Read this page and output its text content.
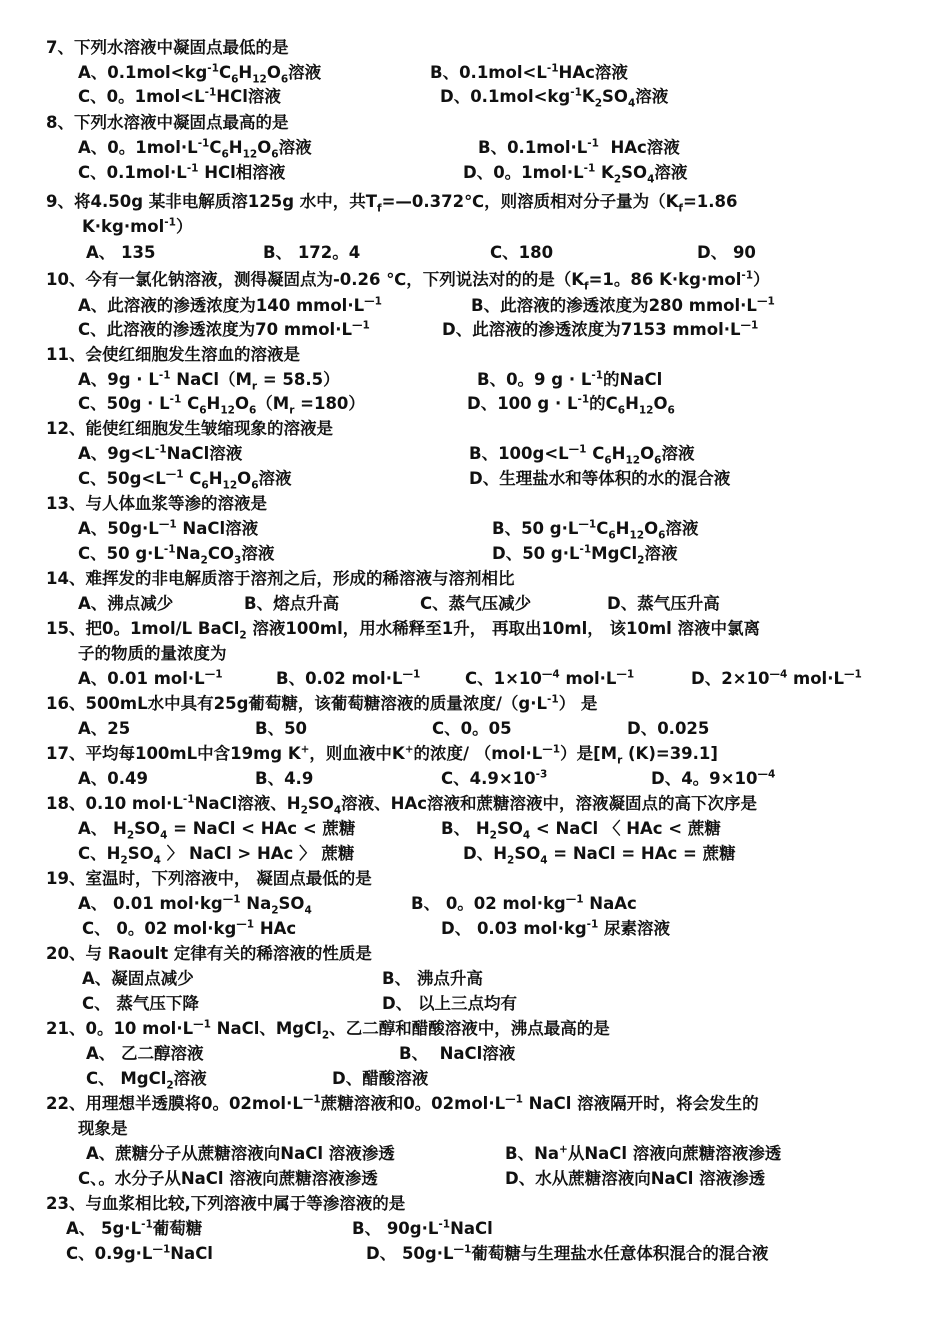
7、下列水溶液中凝固点最低的是
A、$0.1mol<kg^{-1}C_6H_{12}O_6$溶液	B、$0.1mol<L^{-1}HAc$溶液
C、0。$1mol<L^{-1}HCl$溶液	D、$0.1mol<kg^{-1}K_2SO_4$溶液
8、下列水溶液中凝固点最高的是
A、0。$1mol\cdot L^{-1}C_6H_{12}O_6$溶液	B、$0.1mol\cdot L^{-1}$  HAc溶液
C、$0.1mol\cdot L^{-1}$ HCl相溶液	D、0。$1mol\cdot L^{-1}$ $K_2SO_4$溶液
9、将4.50g 某非电解质溶125g 水中，共$T_f=—0.372℃$，则溶质相对分子量为（$K_f=1.86$
K·kg·mol$^{-1}$）
A、 135	B、 172。4	C、180	D、 90
10、今有一氯化钠溶液，测得凝固点为-0.26 ℃，下列说法对的的是（$K_f=1$。86 K·kg·mol$^{-1}$）
A、此溶液的渗透浓度为140 $mmol\cdot L^{—1}$	B、此溶液的渗透浓度为280 $mmol\cdot L^{—1}$
C、此溶液的渗透浓度为70 $mmol\cdot L^{—1}$	D、此溶液的渗透浓度为7153 $mmol\cdot L^{—1}$
11、会使红细胞发生溶血的溶液是
A、$9g \cdot L^{-1}$ $NaCl(M_r = 58.5)$	B、0。9 $g \cdot L^{-1}$的NaCl
C、$50g \cdot L^{-1}$ $C_6H_{12}O_6(M_r =180)$	D、100 $g \cdot L^{-1}$的$C_6H_{12}O_6$
12、能使红细胞发生皱缩现象的溶液是
A、$9g<L^{-1}NaCl$溶液	B、$100g<L^{—1}$ $C_6H_{12}O_6$溶液
C、$50g<L^{—1}$ $C_6H_{12}O_6$溶液	D、生理盐水和等体积的水的混合液
13、与人体血浆等渗的溶液是
A、$50g\cdot L^{—1}$ NaCl溶液	B、50 $g\cdot L^{—1}C_6H_{12}O_6$溶液
C、50 $g\cdot L^{-1}Na_2CO_3$溶液	D、50 $g\cdot L^{-1}MgCl_2$溶液
14、难挥发的非电解质溶于溶剂之后，形成的稀溶液与溶剂相比
A、沸点减少	B、熔点升高	C、蒸气压减少	D、蒸气压升高
15、把0。1mol/L BaCl$_2$ 溶液100ml，用水稀释至1升， 再取出10ml， 该10ml 溶液中氯离
子的物质的量浓度为
A、0.01 $mol\cdot L^{—1}$	B、0.02 $mol\cdot L^{—1}$	C、$1\times 10^{—4}$ $mol\cdot L^{—1}$	D、$2\times 10^{—4}$ $mol\cdot L^{—1}$
16、500mL水中具有25g葡萄糖，该葡萄糖溶液的质量浓度$/(g\cdot L^{-1})$ 是
A、25	B、50	C、0。05	D、0.025
17、平均每100mL中含19mg K+，则血液中K+的浓度/ $(mol\cdot L^{—1})$是[$M_r$ (K)=39.1]
A、0.49	B、4.9	C、$4.9\times 10^{-3}$	D、4。$9\times 10^{—4}$
18、0.10 $mol\cdot L^{-1}NaCl$溶液、$H_2SO_4$溶液、HAc溶液和蔗糖溶液中，溶液凝固点的高下次序是
A、 $H_2SO_4$ = NaCl < HAc < 蔗糖	B、 $H_2SO_4$ < NaCl 〈 HAc < 蔗糖
C、$H_2SO_4$ 〉 NaCl > HAc 〉 蔗糖	D、$H_2SO_4$ = NaCl = HAc = 蔗糖
19、室温时，下列溶液中， 凝固点最低的是
A、 0.01 $mol\cdot kg^{—1}$ $Na_2SO_4$	B、 0。02 $mol\cdot kg^{—1}$ NaAc
C、 0。02 $mol\cdot kg^{—1}$ HAc	D、 0.03 $mol\cdot kg^{-1}$ 尿素溶液
20、与 Raoult 定律有关的稀溶液的性质是
A、凝固点减少	B、 沸点升高
C、 蒸气压下降	D、 以上三点均有
21、0。10 $mol\cdot L^{—1}$ NaCl、MgCl$_2$、乙二醇和醋酸溶液中，沸点最高的是
A、 乙二醇溶液	B、  NaCl溶液
C、 MgCl$_2$溶液	D、醋酸溶液
22、用理想半透膜将0。$02mol\cdot L^{—1}$蔗糖溶液和0。$02mol\cdot L^{—1}$ NaCl 溶液隔开时，将会发生的
现象是
A、蔗糖分子从蔗糖溶液向NaCl 溶液渗透	B、Na+从NaCl 溶液向蔗糖溶液渗透
C、。水分子从NaCl 溶液向蔗糖溶液渗透	D、水从蔗糖溶液向NaCl 溶液渗透
23、与血浆相比较,下列溶液中属于等渗溶液的是
A、 $5g\cdot L^{-1}$葡萄糖	B、 $90g\cdot L^{-1}NaCl$
C、$0.9g\cdot L^{—1}NaCl$	D、 $50g\cdot L^{—1}$葡萄糖与生理盐水任意体积混合的混合液
